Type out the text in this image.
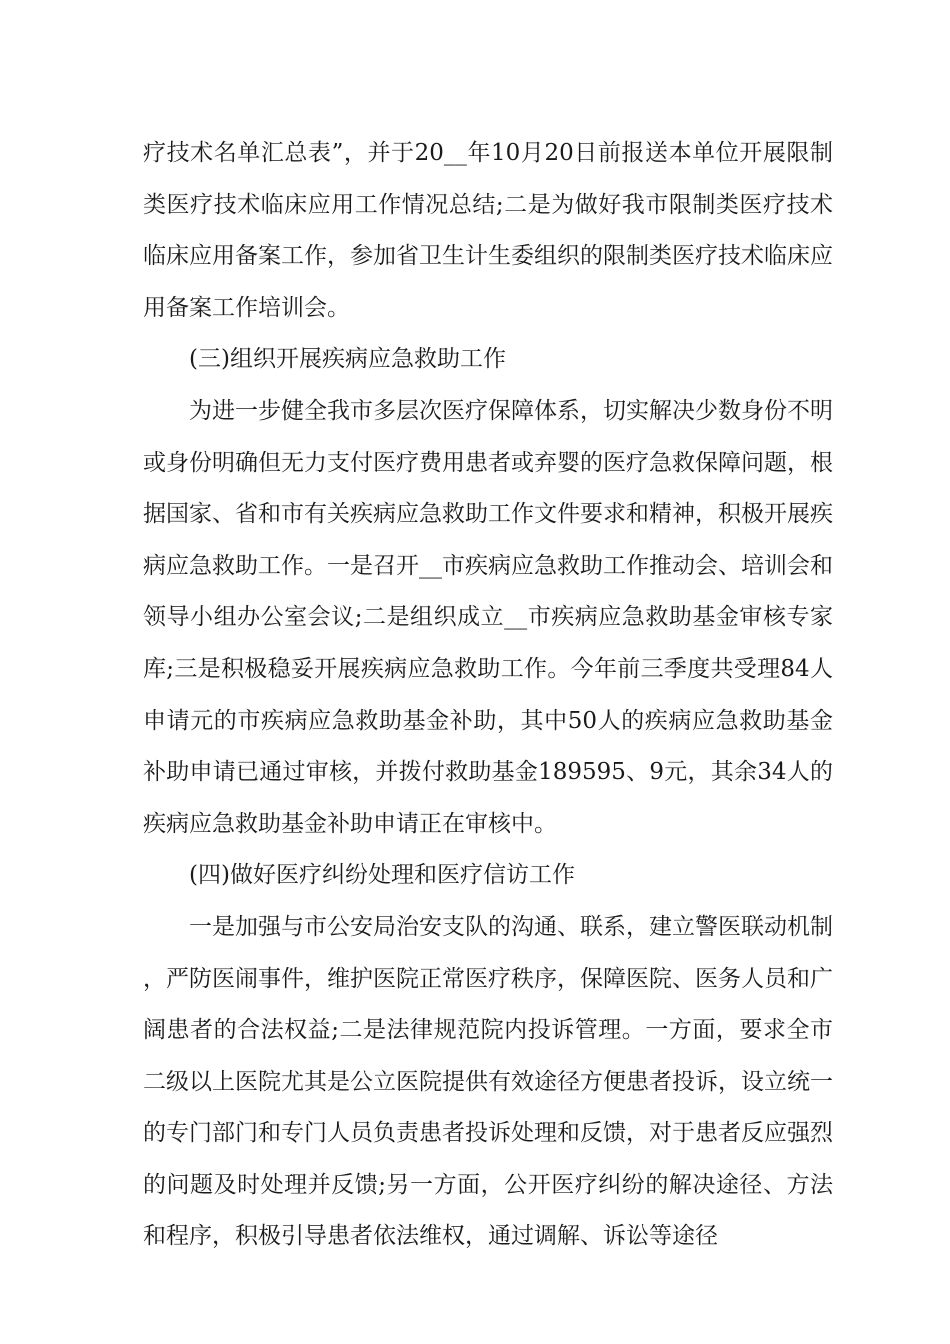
疗技术名单汇总表”，并于20__年10月20日前报送本单位开展限制类医疗技术临床应用工作情况总结;二是为做好我市限制类医疗技术临床应用备案工作，参加省卫生计生委组织的限制类医疗技术临床应用备案工作培训会。

(三)组织开展疾病应急救助工作

为进一步健全我市多层次医疗保障体系，切实解决少数身份不明或身份明确但无力支付医疗费用患者或弃婴的医疗急救保障问题，根据国家、省和市有关疾病应急救助工作文件要求和精神，积极开展疾病应急救助工作。一是召开__市疾病应急救助工作推动会、培训会和领导小组办公室会议;二是组织成立__市疾病应急救助基金审核专家库;三是积极稳妥开展疾病应急救助工作。今年前三季度共受理84人申请元的市疾病应急救助基金补助，其中50人的疾病应急救助基金补助申请已通过审核，并拨付救助基金189595、9元，其余34人的疾病应急救助基金补助申请正在审核中。

(四)做好医疗纠纷处理和医疗信访工作

一是加强与市公安局治安支队的沟通、联系，建立警医联动机制，严防医闹事件，维护医院正常医疗秩序，保障医院、医务人员和广阔患者的合法权益;二是法律规范院内投诉管理。一方面，要求全市二级以上医院尤其是公立医院提供有效途径方便患者投诉，设立统一的专门部门和专门人员负责患者投诉处理和反馈，对于患者反应强烈的问题及时处理并反馈;另一方面，公开医疗纠纷的解决途径、方法和程序，积极引导患者依法维权，通过调解、诉讼等途径
